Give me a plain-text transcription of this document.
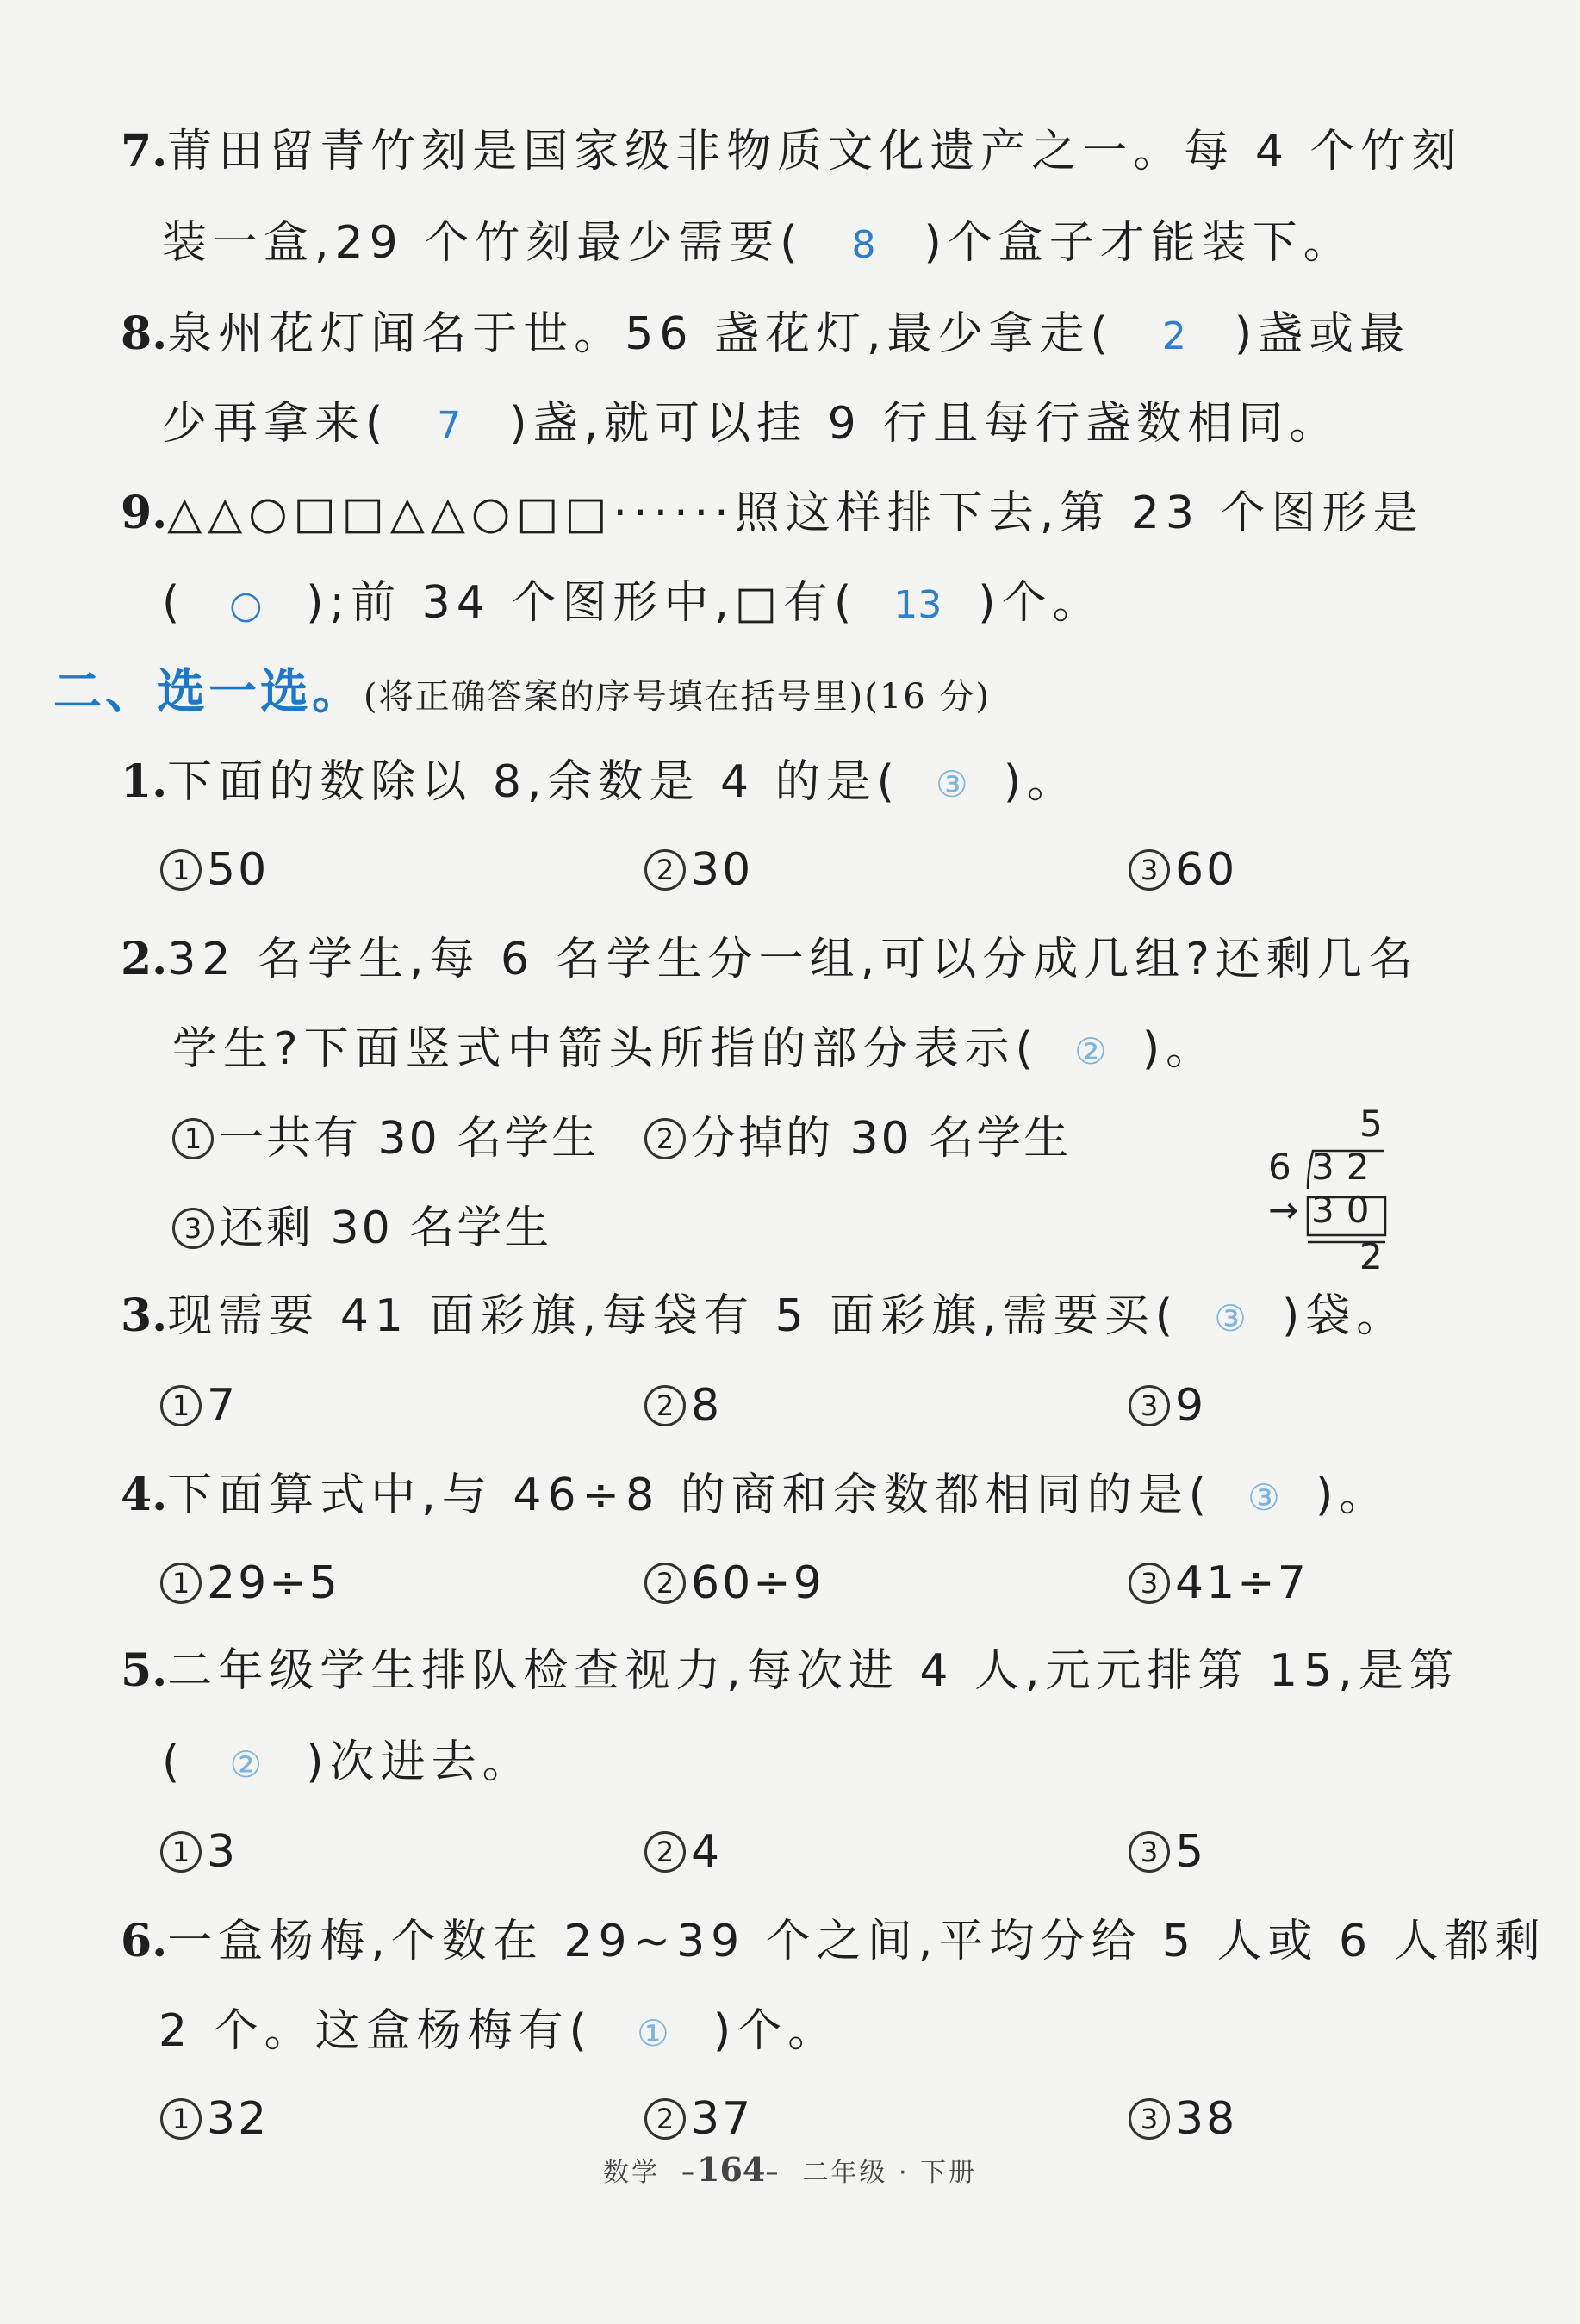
7.莆田留青竹刻是国家级非物质文化遗产之一。每 4 个竹刻
装一盒,29 个竹刻最少需要( 8 )个盒子才能装下。
8.泉州花灯闻名于世。56 盏花灯,最少拿走( 2 )盏或最
少再拿来( 7 )盏,就可以挂 9 行且每行盏数相同。
9.△△○□□△△○□□······照这样排下去,第 23 个图形是
( ○ );前 34 个图形中,□有( 13 )个。
二、选一选。(将正确答案的序号填在括号里)(16 分)
1.下面的数除以 8,余数是 4 的是( ③ )。
1 50	2 30	3 60
2.32 名学生,每 6 名学生分一组,可以分成几组?还剩几名
学生?下面竖式中箭头所指的部分表示( ② )。
1 一共有 30 名学生	2 分掉的 30 名学生
3 还剩 30 名学生
5
6 32
→ 30
2
3.现需要 41 面彩旗,每袋有 5 面彩旗,需要买( ③ )袋。
1 7	2 8	3 9
4.下面算式中,与 46÷8 的商和余数都相同的是( ③ )。
1 29÷5	2 60÷9	3 41÷7
5.二年级学生排队检查视力,每次进 4 人,元元排第 15,是第
( ② )次进去。
1 3	2 4	3 5
6.一盒杨梅,个数在 29~39 个之间,平均分给 5 人或 6 人都剩
2 个。这盒杨梅有( ① )个。
1 32	2 37	3 38
数学  –164–  二年级 · 下册
